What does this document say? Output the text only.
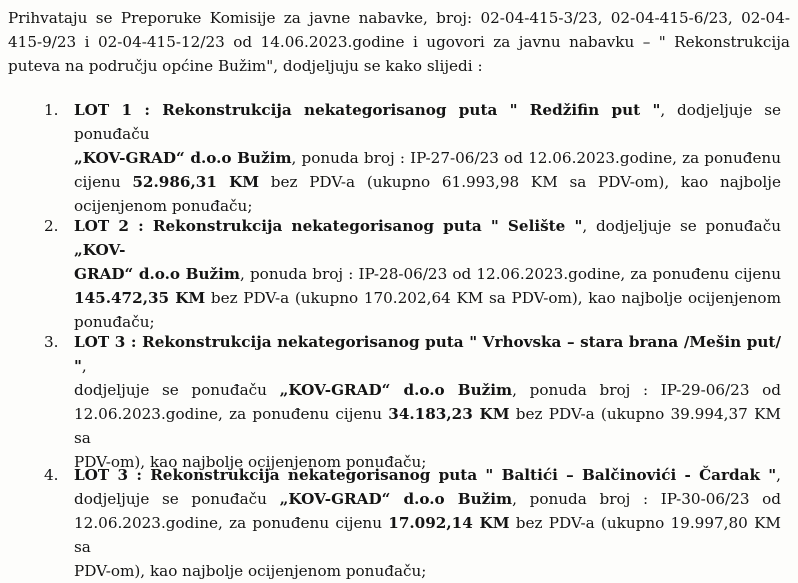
Prihvataju se Preporuke Komisije za javne nabavke, broj: 02-04-415-3/23, 02-04-415-6/23, 02-04-
415-9/23 i 02-04-415-12/23 od 14.06.2023.godine i ugovori za javnu nabavku – " Rekonstrukcija
puteva na području općine Bužim", dodjeljuju se kako slijedi :

1.	LOT 1 : Rekonstrukcija nekategorisanog puta " Redžifin put ", dodjeljuje se ponuđaču
„KOV-GRAD“ d.o.o Bužim, ponuda broj : IP-27-06/23 od 12.06.2023.godine, za ponuđenu
cijenu 52.986,31 KM bez PDV-a (ukupno 61.993,98 KM sa PDV-om), kao najbolje
ocijenjenom ponuđaču;
2.	LOT 2 : Rekonstrukcija nekategorisanog puta " Selište ", dodjeljuje se ponuđaču „KOV-
GRAD“ d.o.o Bužim, ponuda broj : IP-28-06/23 od 12.06.2023.godine, za ponuđenu cijenu
145.472,35 KM bez PDV-a (ukupno 170.202,64 KM sa PDV-om), kao najbolje ocijenjenom
ponuđaču;
3.	LOT 3 : Rekonstrukcija nekategorisanog puta " Vrhovska – stara brana /Mešin put/ ",
dodjeljuje se ponuđaču „KOV-GRAD“ d.o.o Bužim, ponuda broj : IP-29-06/23 od
12.06.2023.godine, za ponuđenu cijenu 34.183,23 KM bez PDV-a (ukupno 39.994,37 KM sa
PDV-om), kao najbolje ocijenjenom ponuđaču;
4.	LOT 3 : Rekonstrukcija nekategorisanog puta " Baltići – Balčinovići - Čardak ",
dodjeljuje se ponuđaču „KOV-GRAD“ d.o.o Bužim, ponuda broj : IP-30-06/23 od
12.06.2023.godine, za ponuđenu cijenu 17.092,14 KM bez PDV-a (ukupno 19.997,80 KM sa
PDV-om), kao najbolje ocijenjenom ponuđaču;
